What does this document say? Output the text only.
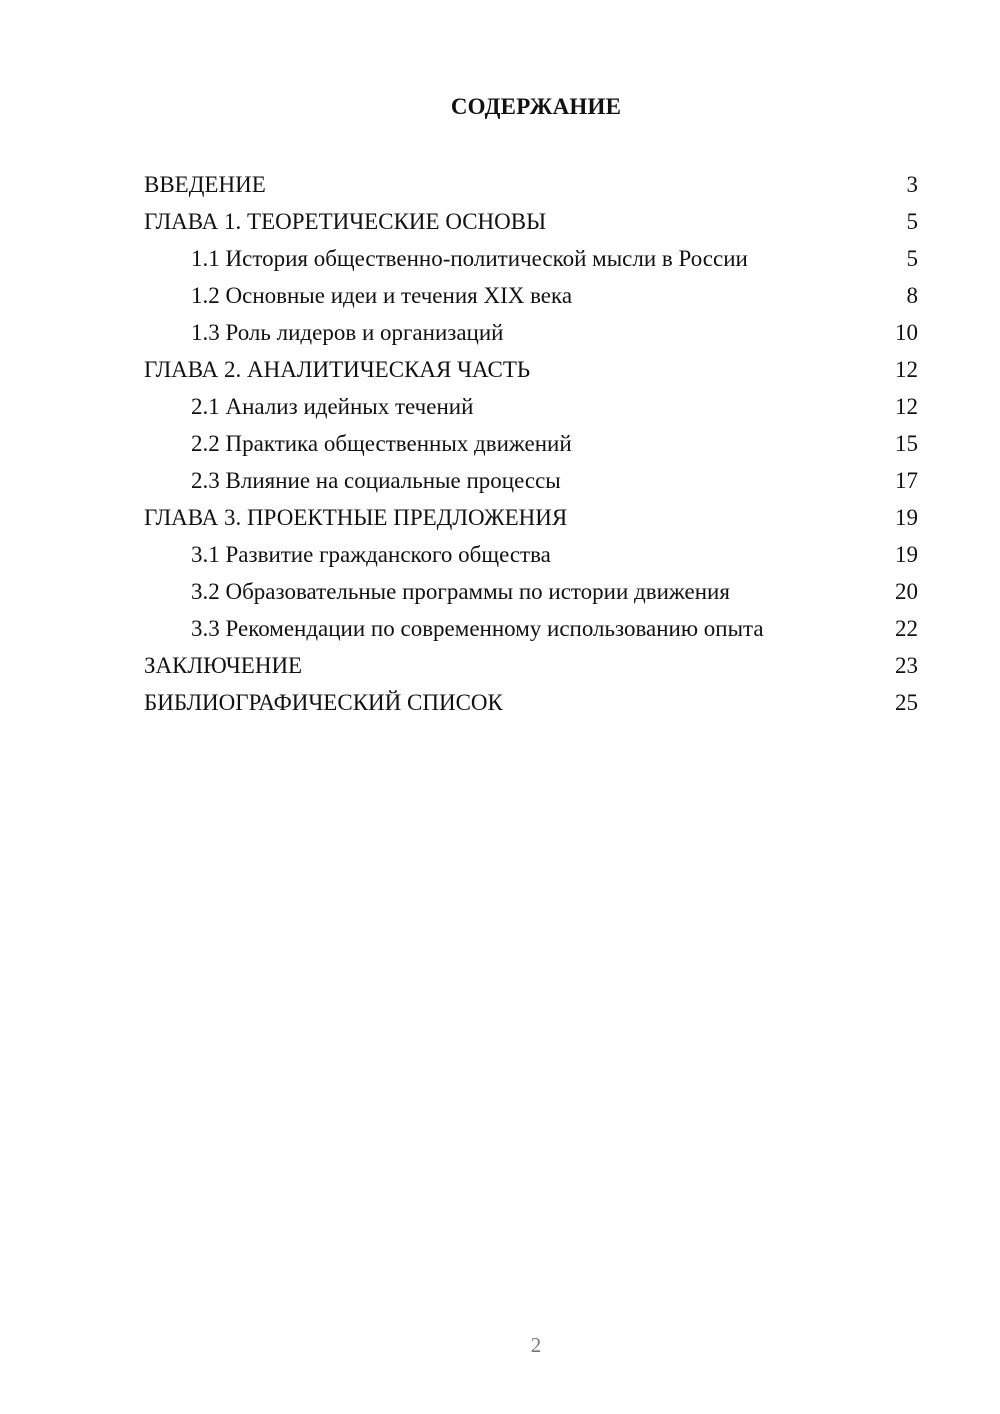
СОДЕРЖАНИЕ
ВВЕДЕНИЕ	3
ГЛАВА 1. ТЕОРЕТИЧЕСКИЕ ОСНОВЫ	5
1.1 История общественно-политической мысли в России	5
1.2 Основные идеи и течения XIX века	8
1.3 Роль лидеров и организаций	10
ГЛАВА 2. АНАЛИТИЧЕСКАЯ ЧАСТЬ	12
2.1 Анализ идейных течений	12
2.2 Практика общественных движений	15
2.3 Влияние на социальные процессы	17
ГЛАВА 3. ПРОЕКТНЫЕ ПРЕДЛОЖЕНИЯ	19
3.1 Развитие гражданского общества	19
3.2 Образовательные программы по истории движения	20
3.3 Рекомендации по современному использованию опыта	22
ЗАКЛЮЧЕНИЕ	23
БИБЛИОГРАФИЧЕСКИЙ СПИСОК	25
2
